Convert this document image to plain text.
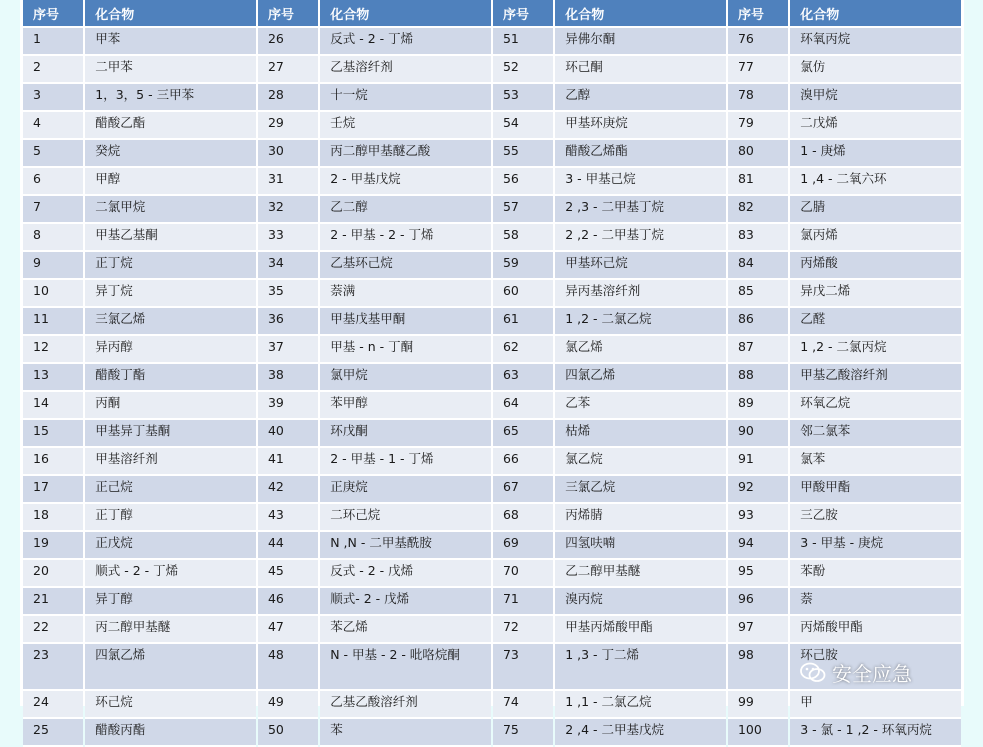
序号	化合物	序号	化合物	序号	化合物	序号	化合物
1	甲苯	26	反式 - 2 - 丁烯	51	异佛尔酮	76	环氧丙烷
2	二甲苯	27	乙基溶纤剂	52	环己酮	77	氯仿
3	1，3，5 - 三甲苯	28	十一烷	53	乙醇	78	溴甲烷
4	醋酸乙酯	29	壬烷	54	甲基环庚烷	79	二戊烯
5	癸烷	30	丙二醇甲基醚乙酸	55	醋酸乙烯酯	80	1 - 庚烯
6	甲醇	31	2 - 甲基戊烷	56	3 - 甲基己烷	81	1 ,4 - 二氧六环
7	二氯甲烷	32	乙二醇	57	2 ,3 - 二甲基丁烷	82	乙腈
8	甲基乙基酮	33	2 - 甲基 - 2 - 丁烯	58	2 ,2 - 二甲基丁烷	83	氯丙烯
9	正丁烷	34	乙基环己烷	59	甲基环己烷	84	丙烯酸
10	异丁烷	35	萘满	60	异丙基溶纤剂	85	异戊二烯
11	三氯乙烯	36	甲基戊基甲酮	61	1 ,2 - 二氯乙烷	86	乙醛
12	异丙醇	37	甲基 - n - 丁酮	62	氯乙烯	87	1 ,2 - 二氯丙烷
13	醋酸丁酯	38	氯甲烷	63	四氯乙烯	88	甲基乙酸溶纤剂
14	丙酮	39	苯甲醇	64	乙苯	89	环氧乙烷
15	甲基异丁基酮	40	环戊酮	65	枯烯	90	邻二氯苯
16	甲基溶纤剂	41	2 - 甲基 - 1 - 丁烯	66	氯乙烷	91	氯苯
17	正己烷	42	正庚烷	67	三氯乙烷	92	甲酸甲酯
18	正丁醇	43	二环己烷	68	丙烯腈	93	三乙胺
19	正戊烷	44	N ,N - 二甲基酰胺	69	四氢呋喃	94	3 - 甲基 - 庚烷
20	顺式 - 2 - 丁烯	45	反式 - 2 - 戊烯	70	乙二醇甲基醚	95	苯酚
21	异丁醇	46	顺式- 2 - 戊烯	71	溴丙烷	96	萘
22	丙二醇甲基醚	47	苯乙烯	72	甲基丙烯酸甲酯	97	丙烯酸甲酯
23	四氯乙烯	48	N - 甲基 - 2 - 吡咯烷酮	73	1 ,3 - 丁二烯	98	环己胺
24	环己烷	49	乙基乙酸溶纤剂	74	1 ,1 - 二氯乙烷	99	甲
25	醋酸丙酯	50	苯	75	2 ,4 - 二甲基戊烷	100	3 - 氯 - 1 ,2 - 环氧丙烷
安全应急
